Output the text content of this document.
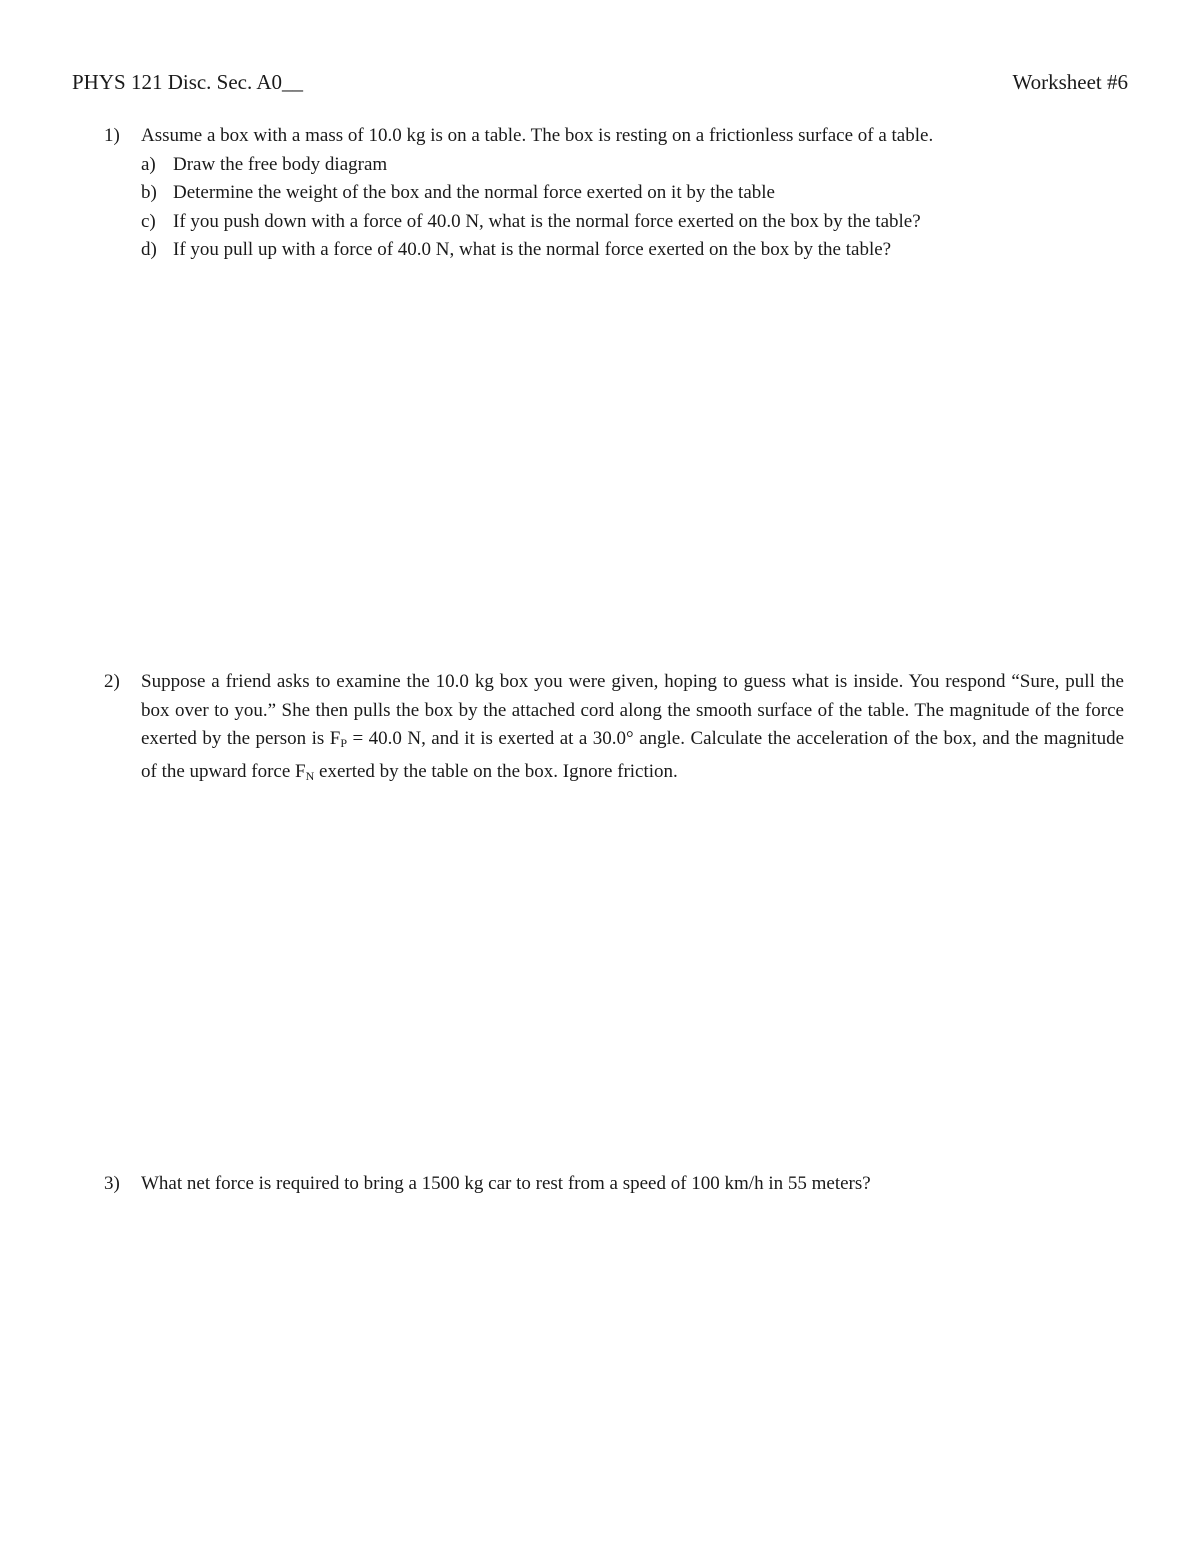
PHYS 121 Disc. Sec. A0__	Worksheet #6
1) Assume a box with a mass of 10.0 kg is on a table. The box is resting on a frictionless surface of a table.
a) Draw the free body diagram
b) Determine the weight of the box and the normal force exerted on it by the table
c) If you push down with a force of 40.0 N, what is the normal force exerted on the box by the table?
d) If you pull up with a force of 40.0 N, what is the normal force exerted on the box by the table?
2) Suppose a friend asks to examine the 10.0 kg box you were given, hoping to guess what is inside. You respond “Sure, pull the box over to you.” She then pulls the box by the attached cord along the smooth surface of the table. The magnitude of the force exerted by the person is $F_P = 40.0$ N, and it is exerted at a 30.0° angle. Calculate the acceleration of the box, and the magnitude of the upward force $F_N$ exerted by the table on the box. Ignore friction.
3) What net force is required to bring a 1500 kg car to rest from a speed of 100 km/h in 55 meters?
